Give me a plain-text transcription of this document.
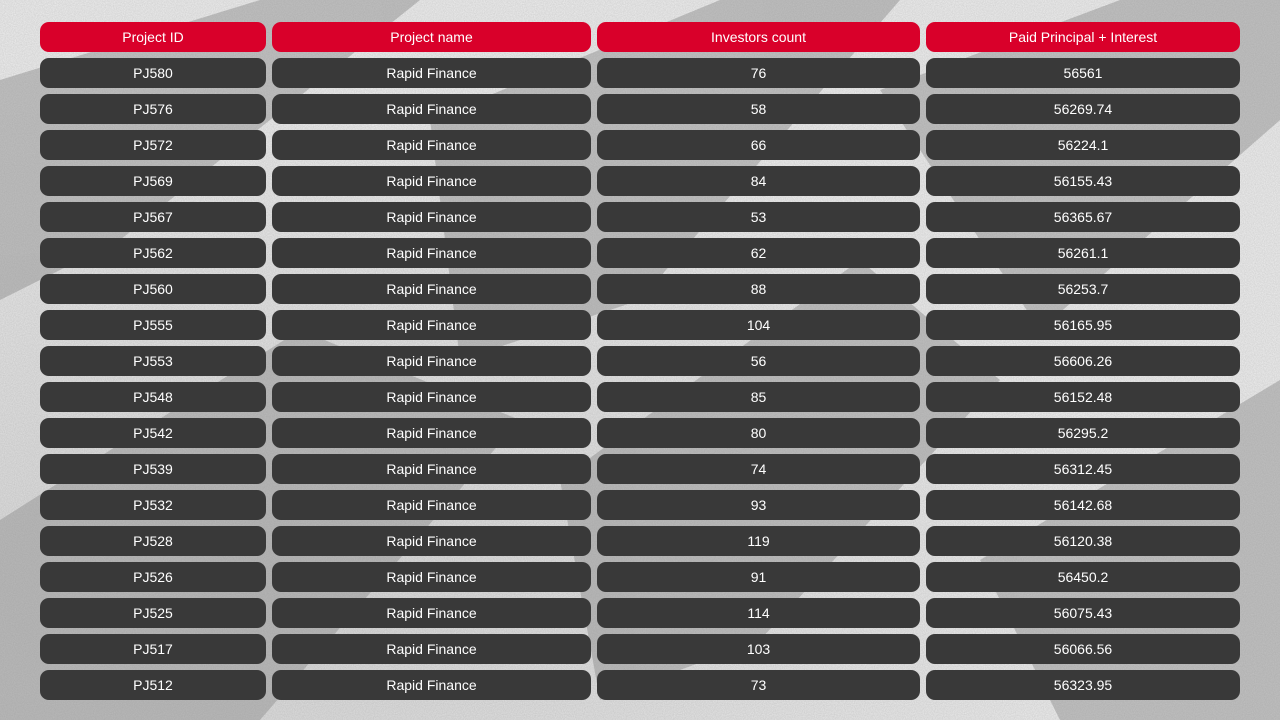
Project ID	Project name	Investors count	Paid Principal + Interest
PJ580	Rapid Finance	76	56561
PJ576	Rapid Finance	58	56269.74
PJ572	Rapid Finance	66	56224.1
PJ569	Rapid Finance	84	56155.43
PJ567	Rapid Finance	53	56365.67
PJ562	Rapid Finance	62	56261.1
PJ560	Rapid Finance	88	56253.7
PJ555	Rapid Finance	104	56165.95
PJ553	Rapid Finance	56	56606.26
PJ548	Rapid Finance	85	56152.48
PJ542	Rapid Finance	80	56295.2
PJ539	Rapid Finance	74	56312.45
PJ532	Rapid Finance	93	56142.68
PJ528	Rapid Finance	119	56120.38
PJ526	Rapid Finance	91	56450.2
PJ525	Rapid Finance	114	56075.43
PJ517	Rapid Finance	103	56066.56
PJ512	Rapid Finance	73	56323.95
